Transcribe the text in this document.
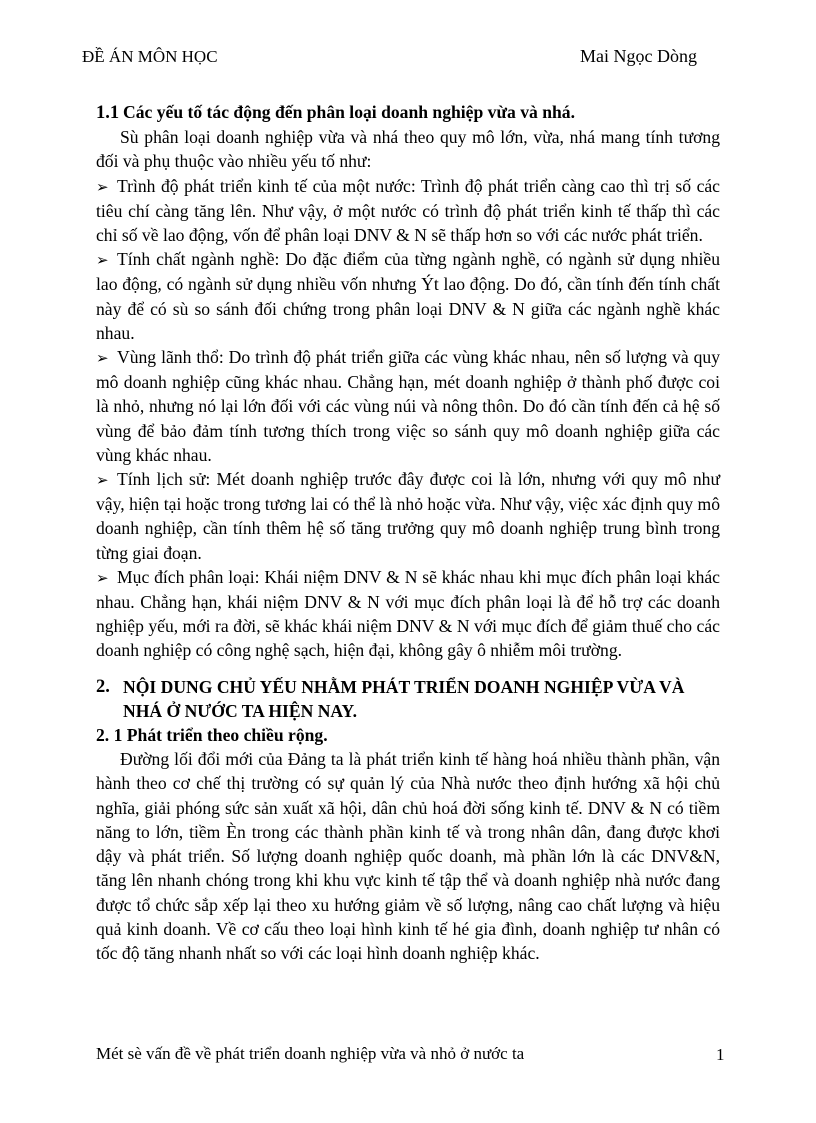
ĐỀ ÁN MÔN HỌC	Mai Ngọc Dòng

1.1 Các yếu tố tác động đến phân loại doanh nghiệp vừa và nhá.

Sù phân loại doanh nghiệp vừa và nhá theo quy mô lớn, vừa, nhá mang tính tương đối và phụ thuộc vào nhiều yếu tố như:

➢ Trình độ phát triển kinh tế của một nước: Trình độ phát triển càng cao thì trị số các tiêu chí càng tăng lên. Như vậy, ở một nước có trình độ phát triển kinh tế thấp thì các chỉ số về lao động, vốn để phân loại DNV & N sẽ thấp hơn so với các nước phát triển.

➢ Tính chất ngành nghề: Do đặc điểm của từng ngành nghề, có ngành sử dụng nhiều lao động, có ngành sử dụng nhiều vốn nhưng Ýt lao động. Do đó, cần tính đến tính chất này để có sù so sánh đối chứng trong phân loại DNV & N giữa các ngành nghề khác nhau.

➢ Vùng lãnh thổ: Do trình độ phát triển giữa các vùng khác nhau, nên số lượng và quy mô doanh nghiệp cũng khác nhau. Chẳng hạn, mét doanh nghiệp ở thành phố được coi là nhỏ, nhưng nó lại lớn đối với các vùng núi và nông thôn. Do đó cần tính đến cả hệ số vùng để bảo đảm tính tương thích trong việc so sánh quy mô doanh nghiệp giữa các vùng khác nhau.

➢ Tính lịch sử: Mét doanh nghiệp trước đây được coi là lớn, nhưng với quy mô như vậy, hiện tại hoặc trong tương lai có thể là nhỏ hoặc vừa. Như vậy, việc xác định quy mô doanh nghiệp, cần tính thêm hệ số tăng trưởng quy mô doanh nghiệp trung bình trong từng giai đoạn.

➢ Mục đích phân loại: Khái niệm DNV & N sẽ khác nhau khi mục đích phân loại khác nhau. Chẳng hạn, khái niệm DNV & N với mục đích phân loại là để hỗ trợ các doanh nghiệp yếu, mới ra đời, sẽ khác khái niệm DNV & N với mục đích để giảm thuế cho các doanh nghiệp có công nghệ sạch, hiện đại, không gây ô nhiễm môi trường.

2. NỘI DUNG CHỦ YẾU NHẰM PHÁT TRIỂN DOANH NGHIỆP VỪA VÀ NHÁ Ở NƯỚC TA HIỆN NAY.

2. 1 Phát triển theo chiều rộng.

Đường lối đổi mới của Đảng ta là phát triển kinh tế hàng hoá nhiều thành phần, vận hành theo cơ chế thị trường có sự quản lý của Nhà nước theo định hướng xã hội chủ nghĩa, giải phóng sức sản xuất xã hội, dân chủ hoá đời sống kinh tế. DNV & N có tiềm năng to lớn, tiềm Èn trong các thành phần kinh tế và trong nhân dân, đang được khơi dậy và phát triển. Số lượng doanh nghiệp quốc doanh, mà phần lớn là các DNV&N, tăng lên nhanh chóng trong khi khu vực kinh tế tập thể và doanh nghiệp nhà nước đang được tổ chức sắp xếp lại theo xu hướng giảm về số lượng, nâng cao chất lượng và hiệu quả kinh doanh. Về cơ cấu theo loại hình kinh tế hé gia đình, doanh nghiệp tư nhân có tốc độ tăng nhanh nhất so với các loại hình doanh nghiệp khác.

Mét sè vấn đề về phát triển doanh nghiệp vừa và nhỏ ở nước ta	1
